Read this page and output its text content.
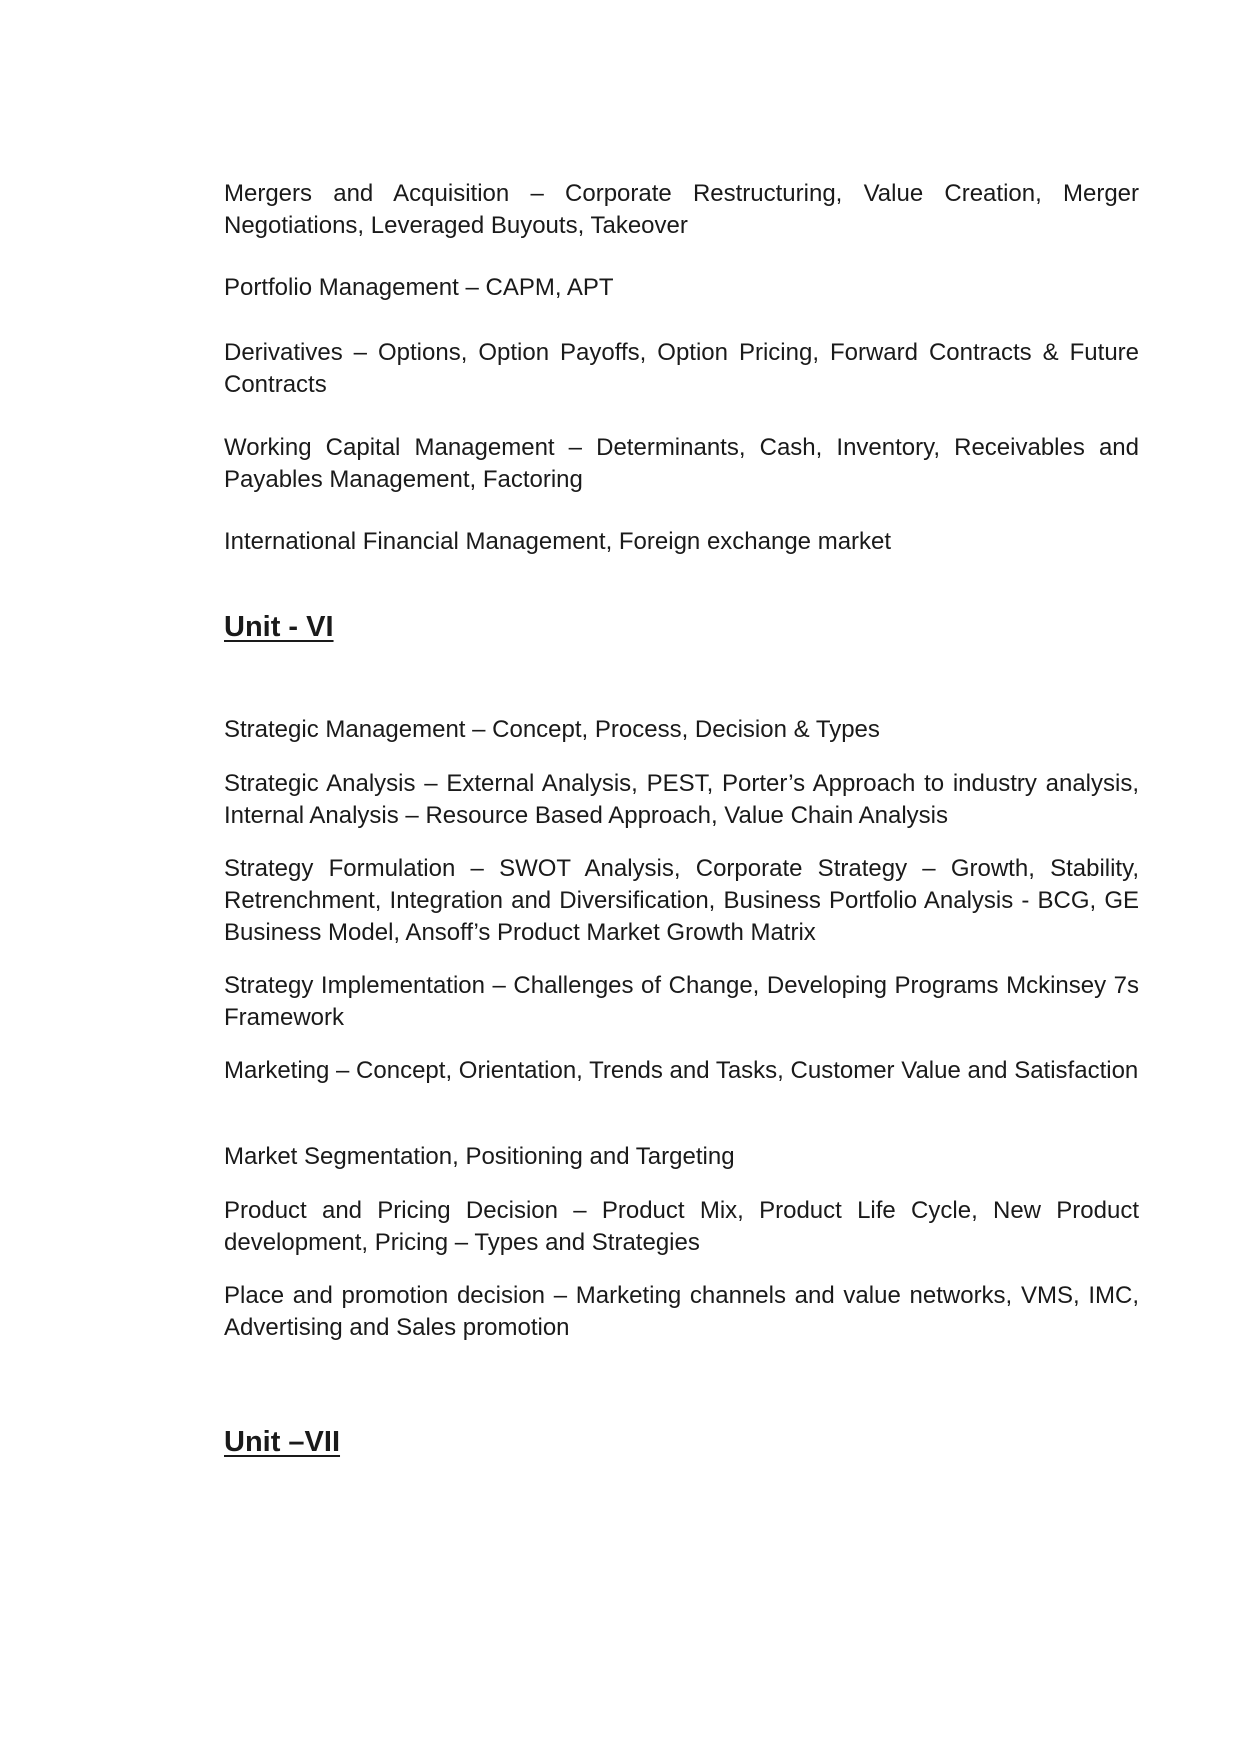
Mergers and Acquisition – Corporate Restructuring, Value Creation, Merger Negotiations, Leveraged Buyouts, Takeover

Portfolio Management – CAPM, APT

Derivatives – Options, Option Payoffs, Option Pricing, Forward Contracts & Future Contracts

Working Capital Management – Determinants, Cash, Inventory, Receivables and Payables Management, Factoring

International Financial Management, Foreign exchange market

Unit - VI

Strategic Management – Concept, Process, Decision & Types

Strategic Analysis – External Analysis, PEST, Porter’s Approach to industry analysis, Internal Analysis – Resource Based Approach, Value Chain Analysis

Strategy Formulation – SWOT Analysis, Corporate Strategy – Growth, Stability, Retrenchment, Integration and Diversification, Business Portfolio Analysis - BCG, GE Business Model, Ansoff’s Product Market Growth Matrix

Strategy Implementation – Challenges of Change, Developing Programs Mckinsey 7s Framework

Marketing – Concept, Orientation, Trends and Tasks, Customer Value and Satisfaction

Market Segmentation, Positioning and Targeting

Product and Pricing Decision – Product Mix, Product Life Cycle, New Product development, Pricing – Types and Strategies

Place and promotion decision – Marketing channels and value networks, VMS, IMC, Advertising and Sales promotion

Unit –VII
